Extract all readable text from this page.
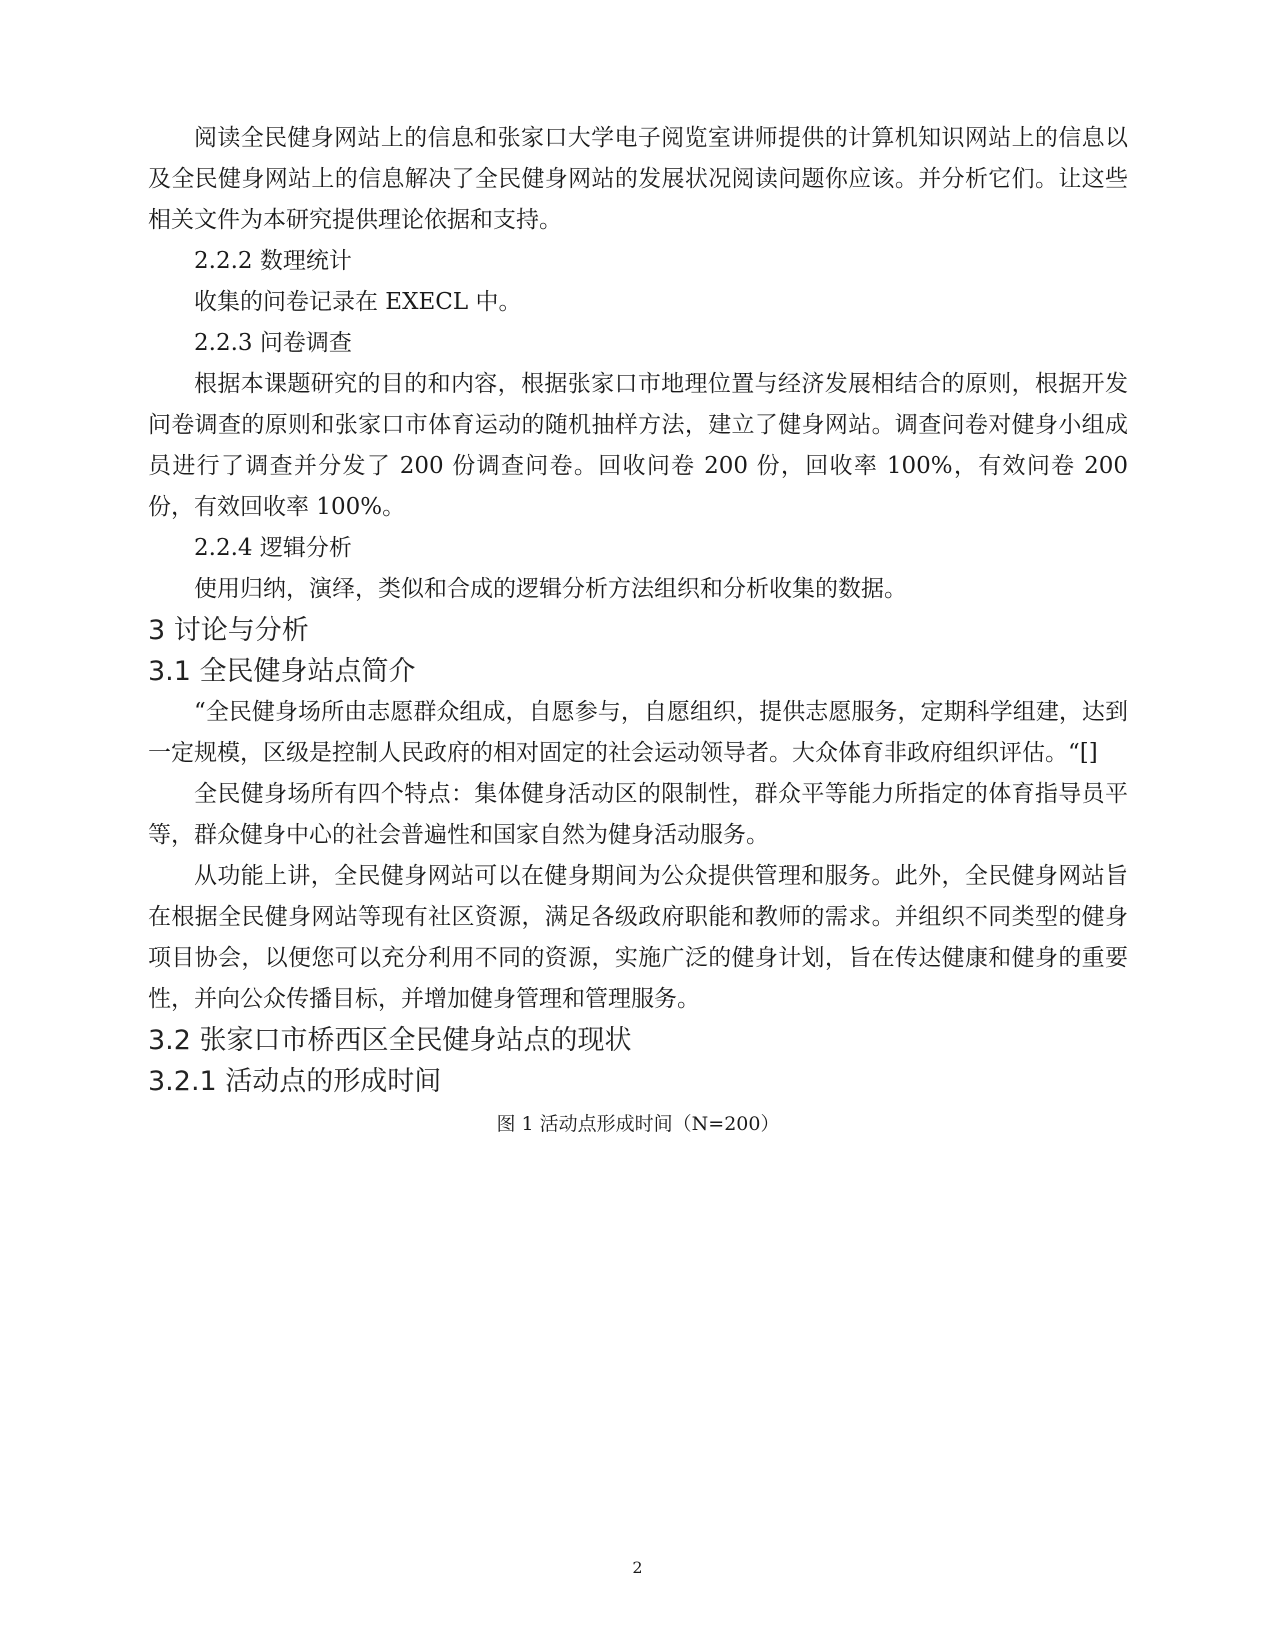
阅读全民健身网站上的信息和张家口大学电子阅览室讲师提供的计算机知识网站上的信息以及全民健身网站上的信息解决了全民健身网站的发展状况阅读问题你应该。并分析它们。让这些相关文件为本研究提供理论依据和支持。

2.2.2 数理统计

收集的问卷记录在 EXECL 中。

2.2.3 问卷调查

根据本课题研究的目的和内容，根据张家口市地理位置与经济发展相结合的原则，根据开发问卷调查的原则和张家口市体育运动的随机抽样方法，建立了健身网站。调查问卷对健身小组成员进行了调查并分发了 200 份调查问卷。回收问卷 200 份，回收率 100%，有效问卷 200 份，有效回收率 100%。

2.2.4 逻辑分析

使用归纳，演绎，类似和合成的逻辑分析方法组织和分析收集的数据。

3 讨论与分析
3.1 全民健身站点简介

“全民健身场所由志愿群众组成，自愿参与，自愿组织，提供志愿服务，定期科学组建，达到一定规模，区级是控制人民政府的相对固定的社会运动领导者。大众体育非政府组织评估。“[]

全民健身场所有四个特点：集体健身活动区的限制性，群众平等能力所指定的体育指导员平等，群众健身中心的社会普遍性和国家自然为健身活动服务。

从功能上讲，全民健身网站可以在健身期间为公众提供管理和服务。此外，全民健身网站旨在根据全民健身网站等现有社区资源，满足各级政府职能和教师的需求。并组织不同类型的健身项目协会，以便您可以充分利用不同的资源，实施广泛的健身计划，旨在传达健康和健身的重要性，并向公众传播目标，并增加健身管理和管理服务。

3.2 张家口市桥西区全民健身站点的现状
3.2.1 活动点的形成时间

图 1 活动点形成时间（N=200）

2
